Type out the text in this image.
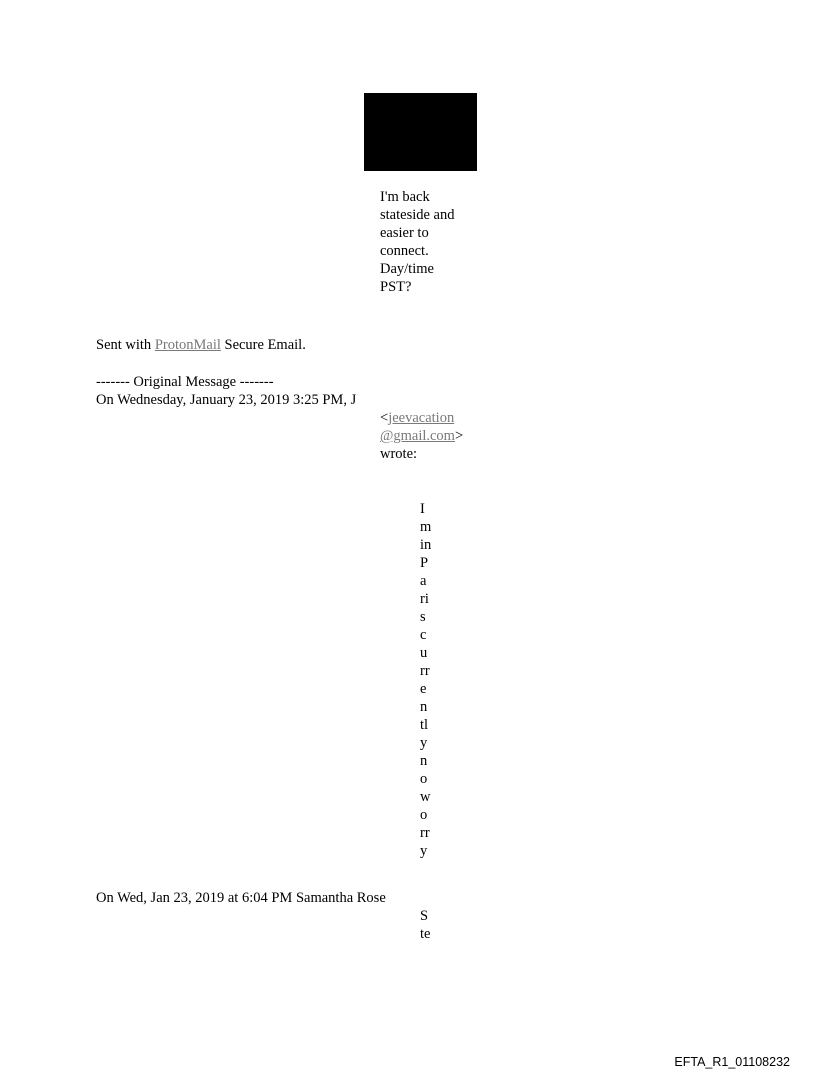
I'm back
stateside and
easier to
connect.
Day/time
PST?
Sent with ProtonMail Secure Email.
------- Original Message -------
On Wednesday, January 23, 2019 3:25 PM, J
<jeevacation
@gmail.com>
wrote:
I
m
in
P
a
ri
s
c
u
rr
e
n
tl
y
n
o
w
o
rr
y
On Wed, Jan 23, 2019 at 6:04 PM Samantha Rose
S
te
EFTA_R1_01108232
